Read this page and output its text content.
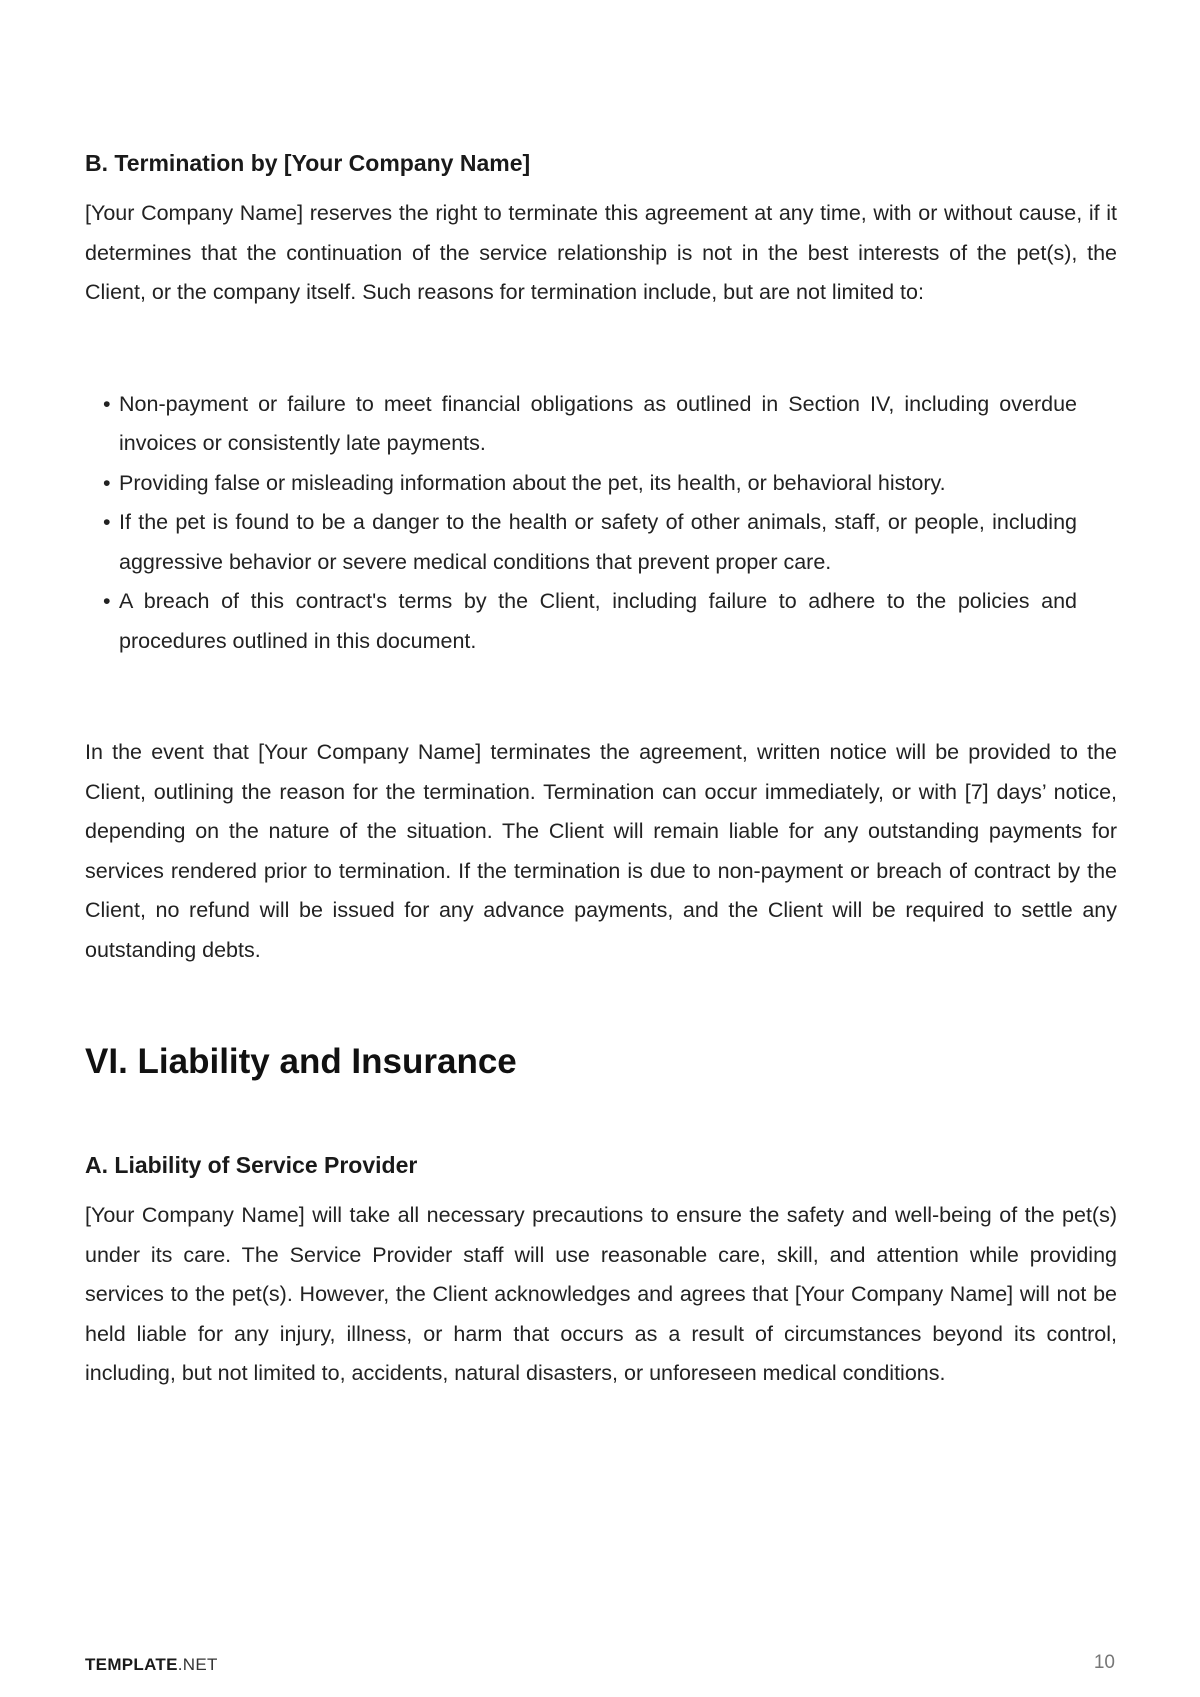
B. Termination by [Your Company Name]

[Your Company Name] reserves the right to terminate this agreement at any time, with or without cause, if it determines that the continuation of the service relationship is not in the best interests of the pet(s), the Client, or the company itself. Such reasons for termination include, but are not limited to:

• Non-payment or failure to meet financial obligations as outlined in Section IV, including overdue invoices or consistently late payments.
• Providing false or misleading information about the pet, its health, or behavioral history.
• If the pet is found to be a danger to the health or safety of other animals, staff, or people, including aggressive behavior or severe medical conditions that prevent proper care.
• A breach of this contract's terms by the Client, including failure to adhere to the policies and procedures outlined in this document.

In the event that [Your Company Name] terminates the agreement, written notice will be provided to the Client, outlining the reason for the termination. Termination can occur immediately, or with [7] days’ notice, depending on the nature of the situation. The Client will remain liable for any outstanding payments for services rendered prior to termination. If the termination is due to non-payment or breach of contract by the Client, no refund will be issued for any advance payments, and the Client will be required to settle any outstanding debts.

VI. Liability and Insurance
A. Liability of Service Provider

[Your Company Name] will take all necessary precautions to ensure the safety and well-being of the pet(s) under its care. The Service Provider staff will use reasonable care, skill, and attention while providing services to the pet(s). However, the Client acknowledges and agrees that [Your Company Name] will not be held liable for any injury, illness, or harm that occurs as a result of circumstances beyond its control, including, but not limited to, accidents, natural disasters, or unforeseen medical conditions.

TEMPLATE.NET	10
